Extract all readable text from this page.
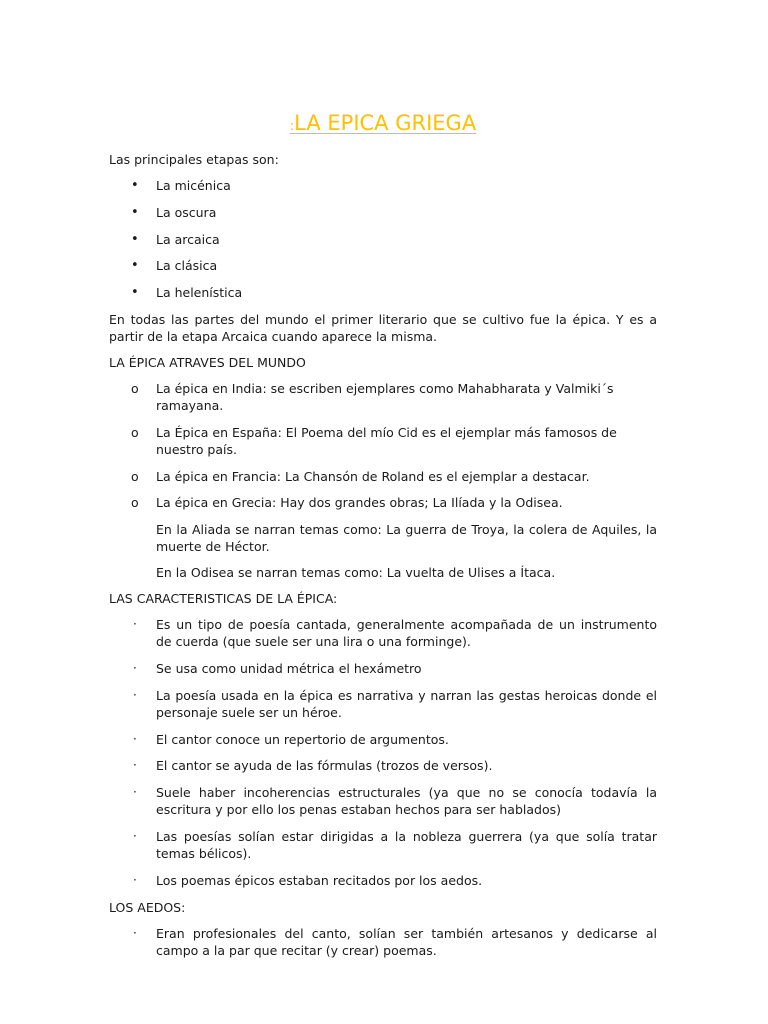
:LA EPICA GRIEGA

Las principales etapas son:

•	La micénica
•	La oscura
•	La arcaica
•	La clásica
•	La helenística

En todas las partes del mundo el primer literario que se cultivo fue la épica. Y es a partir de la etapa Arcaica cuando aparece la misma.

LA ÉPICA ATRAVES DEL MUNDO

o	La épica en India: se escriben ejemplares como Mahabharata y Valmiki´s ramayana.
o	La Épica en España: El Poema del mío Cid es el ejemplar más famosos de nuestro país.
o	La épica en Francia: La Chansón de Roland es el ejemplar a destacar.
o	La épica en Grecia: Hay dos grandes obras; La Ilíada y la Odisea.

En la Aliada se narran temas como: La guerra de Troya, la colera de Aquiles, la muerte de Héctor.

En la Odisea se narran temas como: La vuelta de Ulises a Ítaca.

LAS CARACTERISTICAS DE LA ÉPICA:

·	Es un tipo de poesía cantada, generalmente acompañada de un instrumento de cuerda (que suele ser una lira o una forminge).
·	Se usa como unidad métrica el hexámetro
·	La poesía usada en la épica es narrativa y narran las gestas heroicas donde el personaje suele ser un héroe.
·	El cantor conoce un repertorio de argumentos.
·	El cantor se ayuda de las fórmulas (trozos de versos).
·	Suele haber incoherencias estructurales (ya que no se conocía todavía la escritura y por ello los penas estaban hechos para ser hablados)
·	Las poesías solían estar dirigidas a la nobleza guerrera (ya que solía tratar temas bélicos).
·	Los poemas épicos estaban recitados por los aedos.

LOS AEDOS:

·	Eran profesionales del canto, solían ser también artesanos y dedicarse al campo a la par que recitar (y crear) poemas.
